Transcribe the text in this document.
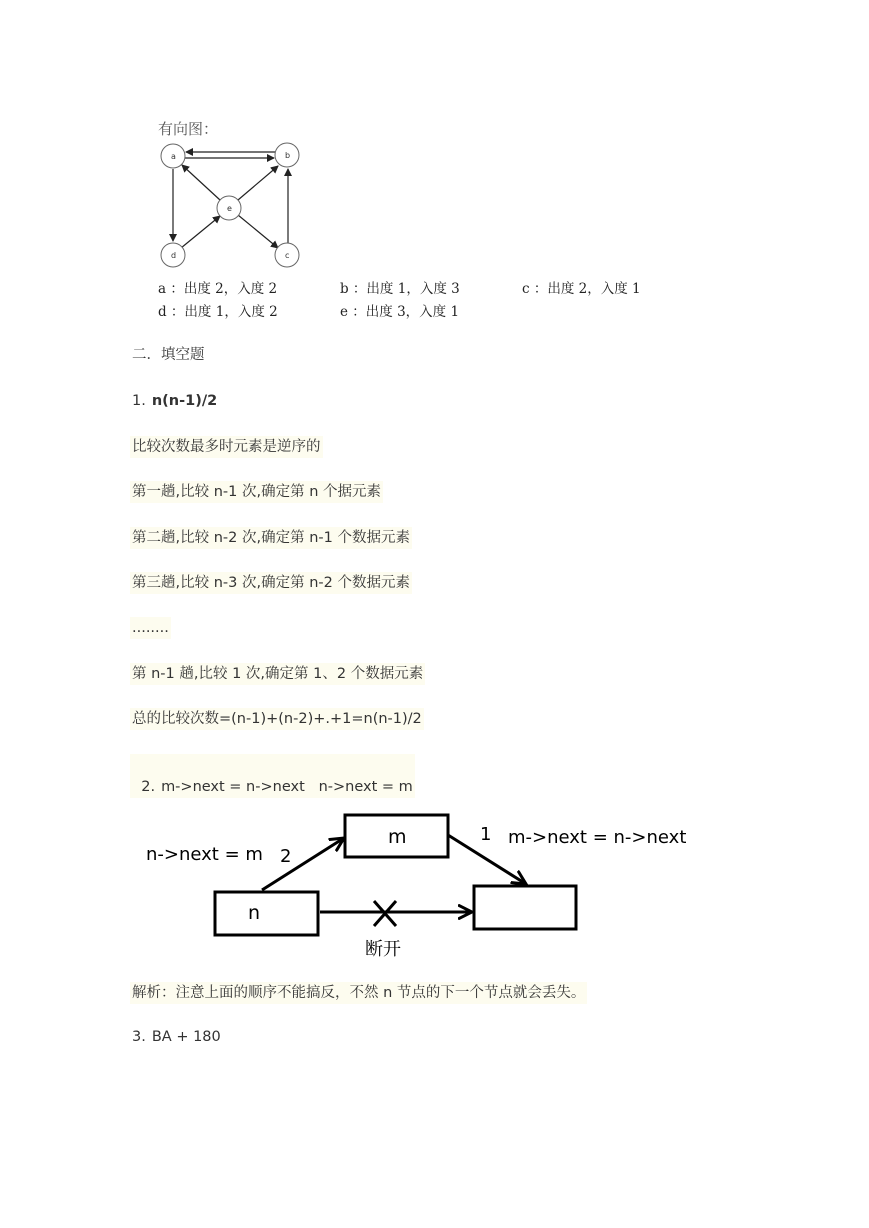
有向图：
a	b
e
d	c
a ：出度 2，入度 2	b ：出度 1，入度 3	c ：出度 2，入度 1
d ：出度 1，入度 2	e ：出度 3，入度 1
二．填空题
1. n(n-1)/2
比较次数最多时元素是逆序的
第一趟,比较 n-1 次,确定第 n 个据元素
第二趟,比较 n-2 次,确定第 n-1 个数据元素
第三趟,比较 n-3 次,确定第 n-2 个数据元素
........
第 n-1 趟,比较 1 次,确定第 1、2 个数据元素
总的比较次数=(n-1)+(n-2)+.+1=n(n-1)/2

2. m->next = n->next   n->next = m

m
n
n->next = m 2
1 m->next = n->next
断开
解析：注意上面的顺序不能搞反，不然 n 节点的下一个节点就会丢失。
3. BA + 180
